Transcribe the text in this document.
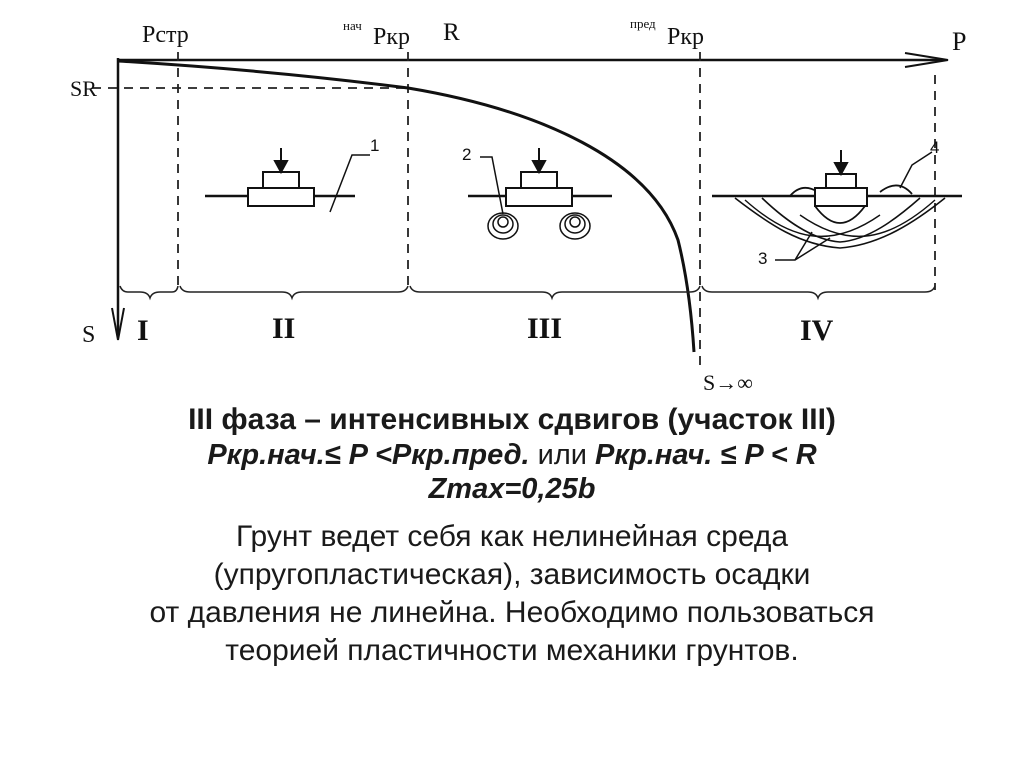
Pстр	нач Pкр R	пред
Pкр	P
SR
S
S→∞
I	II	III	IV
1	2	4
3

III фаза – интенсивных сдвигов (участок III)

Pкр.нач.≤ P <Pкр.пред. или Pкр.нач. ≤ P < R

Zmax=0,25b

Грунт ведет себя как нелинейная среда
(упругопластическая), зависимость осадки
от давления не линейна. Необходимо пользоваться
теорией пластичности механики грунтов.
